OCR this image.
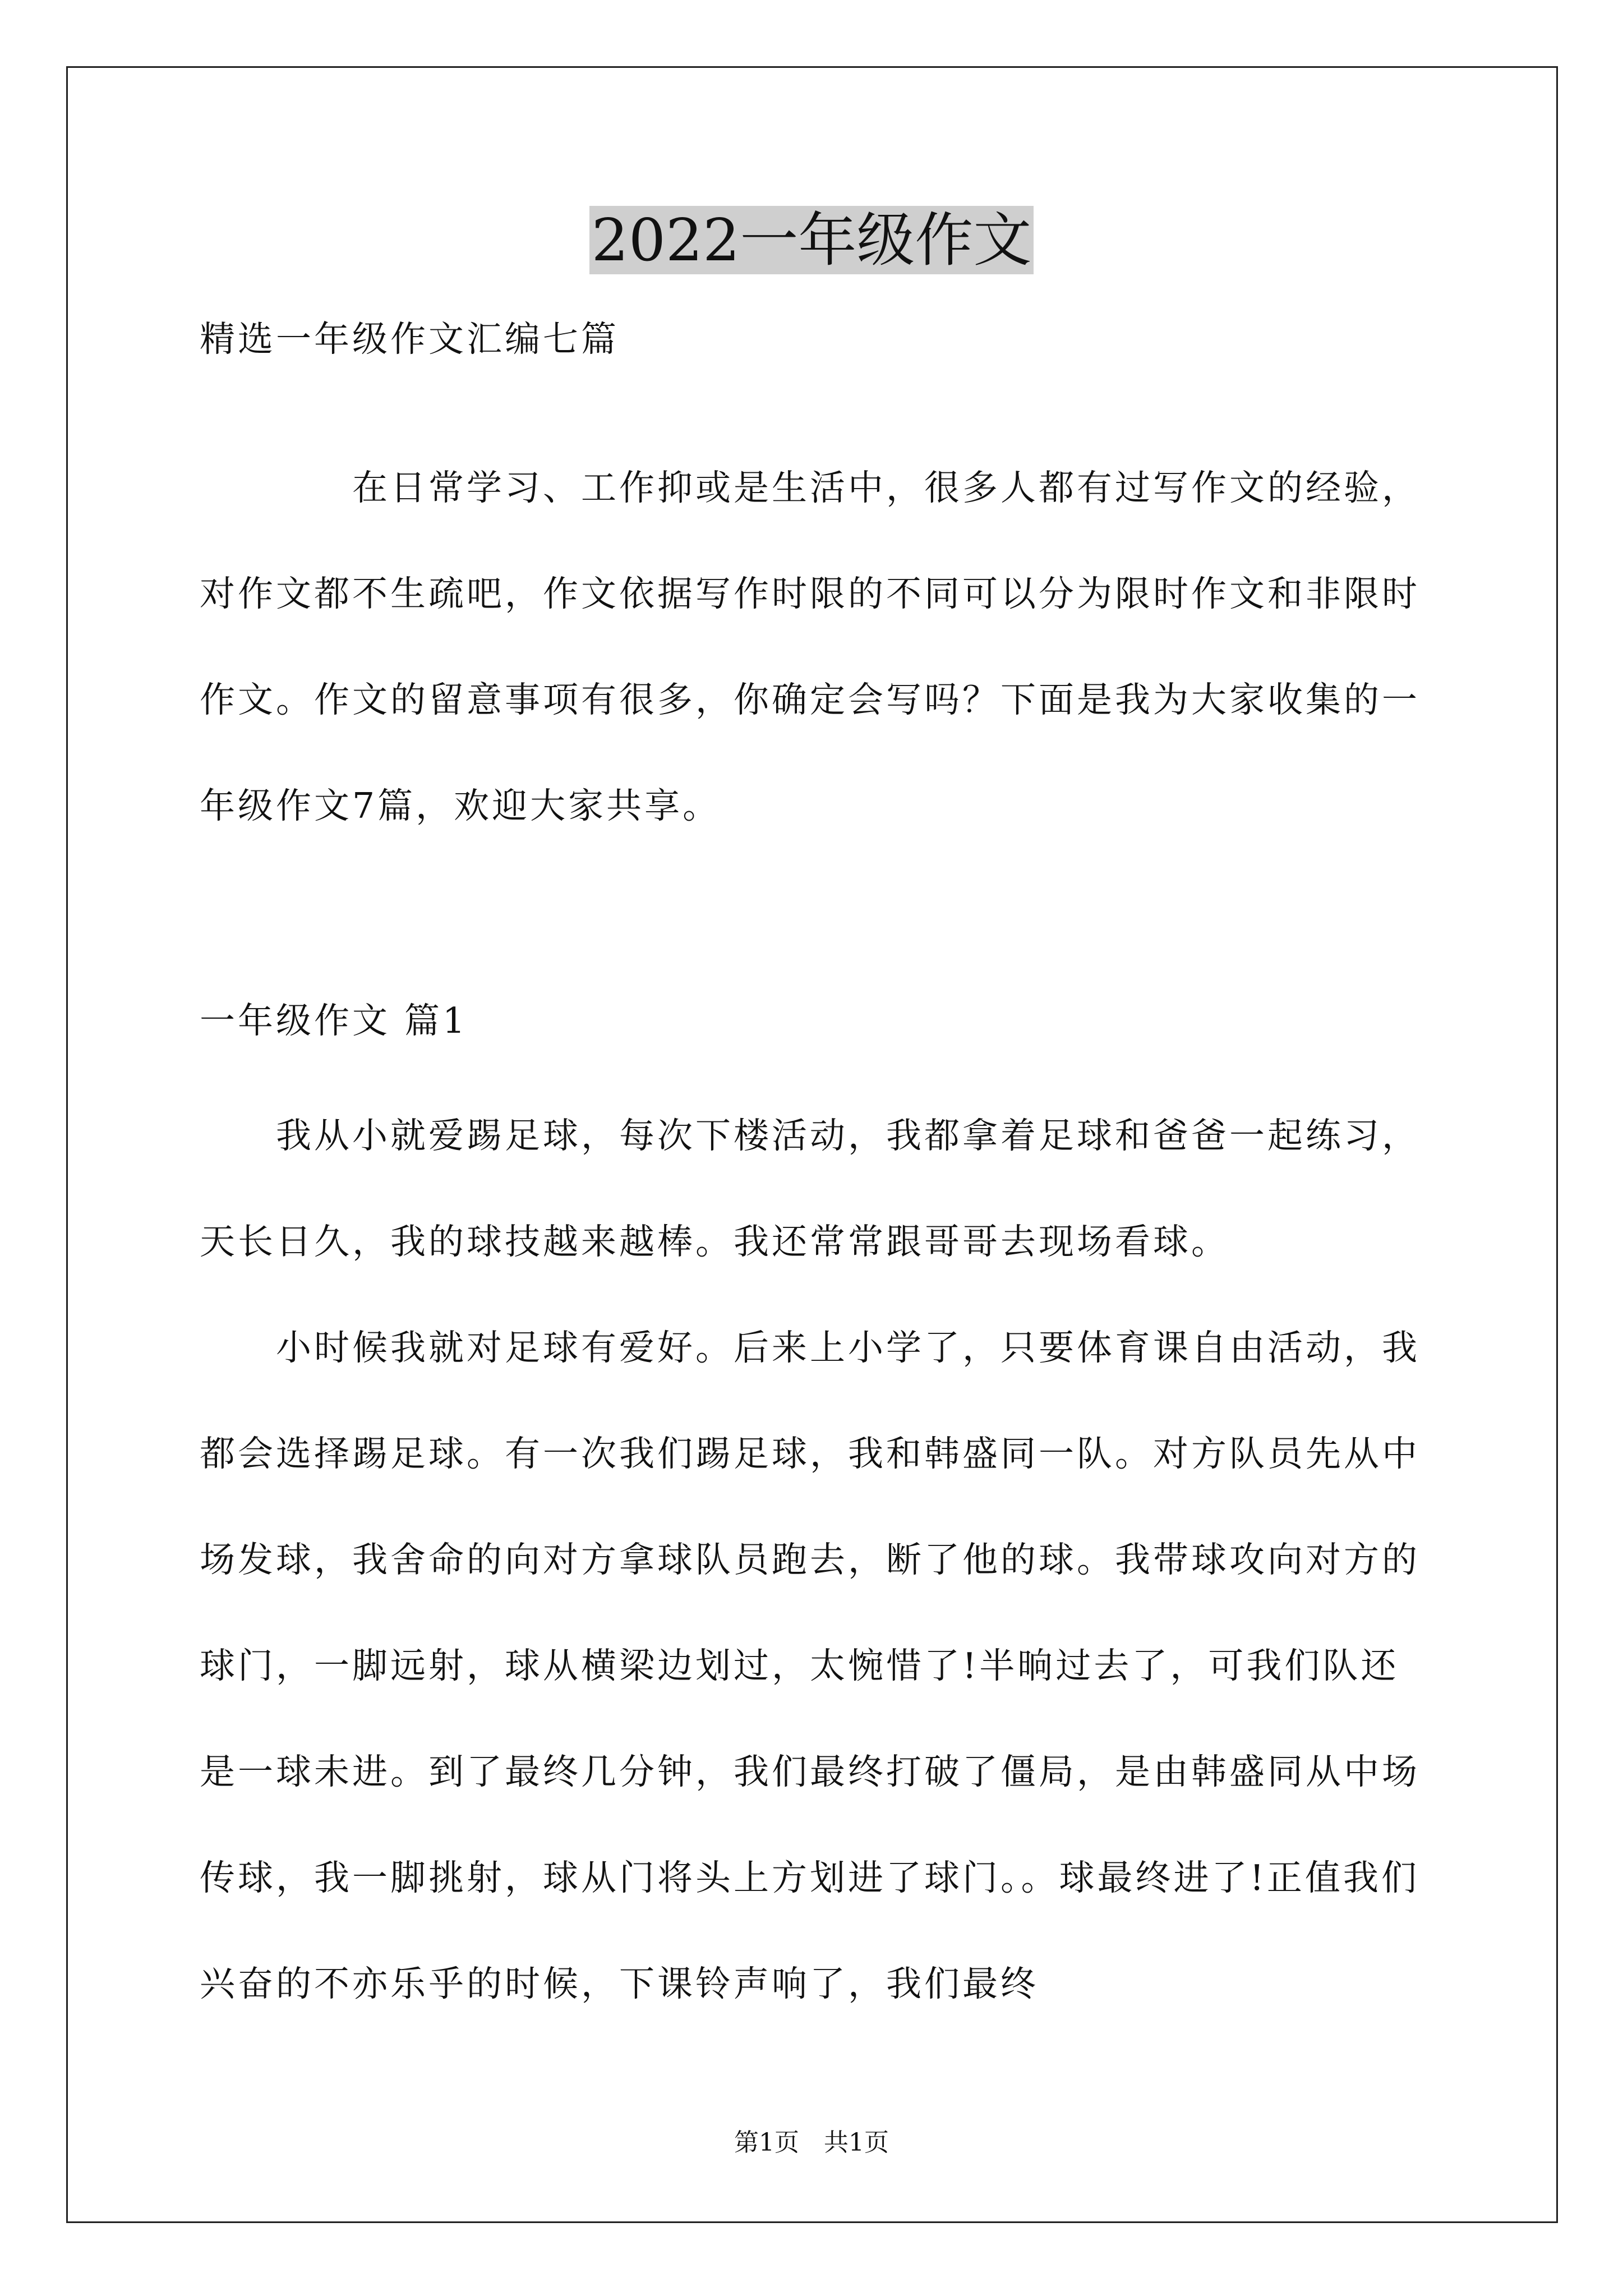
2022一年级作文

精选一年级作文汇编七篇

　　　　在日常学习、工作抑或是生活中，很多人都有过写作文的经验，对作文都不生疏吧，作文依据写作时限的不同可以分为限时作文和非限时作文。作文的留意事项有很多，你确定会写吗？下面是我为大家收集的一年级作文7篇，欢迎大家共享。

一年级作文 篇1

　　我从小就爱踢足球，每次下楼活动，我都拿着足球和爸爸一起练习，天长日久，我的球技越来越棒。我还常常跟哥哥去现场看球。

　　小时候我就对足球有爱好。后来上小学了，只要体育课自由活动，我都会选择踢足球。有一次我们踢足球，我和韩盛同一队。对方队员先从中场发球，我舍命的向对方拿球队员跑去，断了他的球。我带球攻向对方的球门，一脚远射，球从横梁边划过，太惋惜了!半晌过去了，可我们队还是一球未进。到了最终几分钟，我们最终打破了僵局，是由韩盛同从中场传球，我一脚挑射，球从门将头上方划进了球门。。球最终进了!正值我们兴奋的不亦乐乎的时候，下课铃声响了，我们最终

第1页　共1页
